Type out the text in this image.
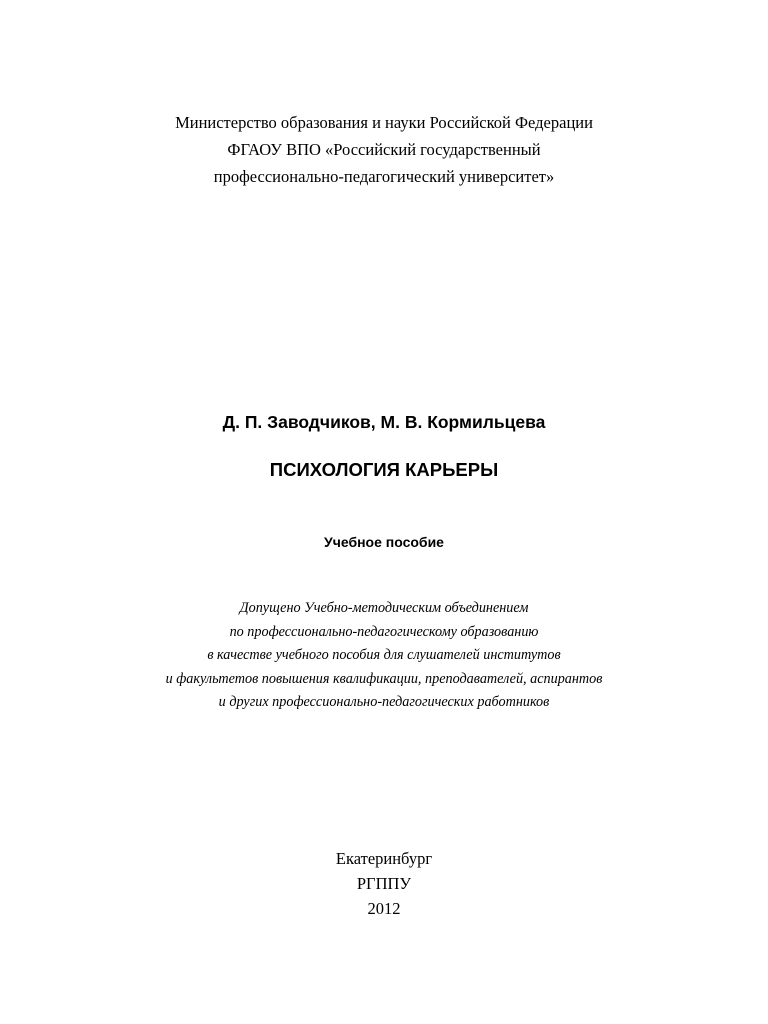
Министерство образования и науки Российской Федерации
ФГАОУ ВПО «Российский государственный
профессионально-педагогический университет»
Д. П. Заводчиков, М. В. Кормильцева
ПСИХОЛОГИЯ КАРЬЕРЫ
Учебное пособие
Допущено Учебно-методическим объединением
по профессионально-педагогическому образованию
в качестве учебного пособия для слушателей институтов
и факультетов повышения квалификации, преподавателей, аспирантов
и других профессионально-педагогических работников
Екатеринбург
РГППУ
2012
